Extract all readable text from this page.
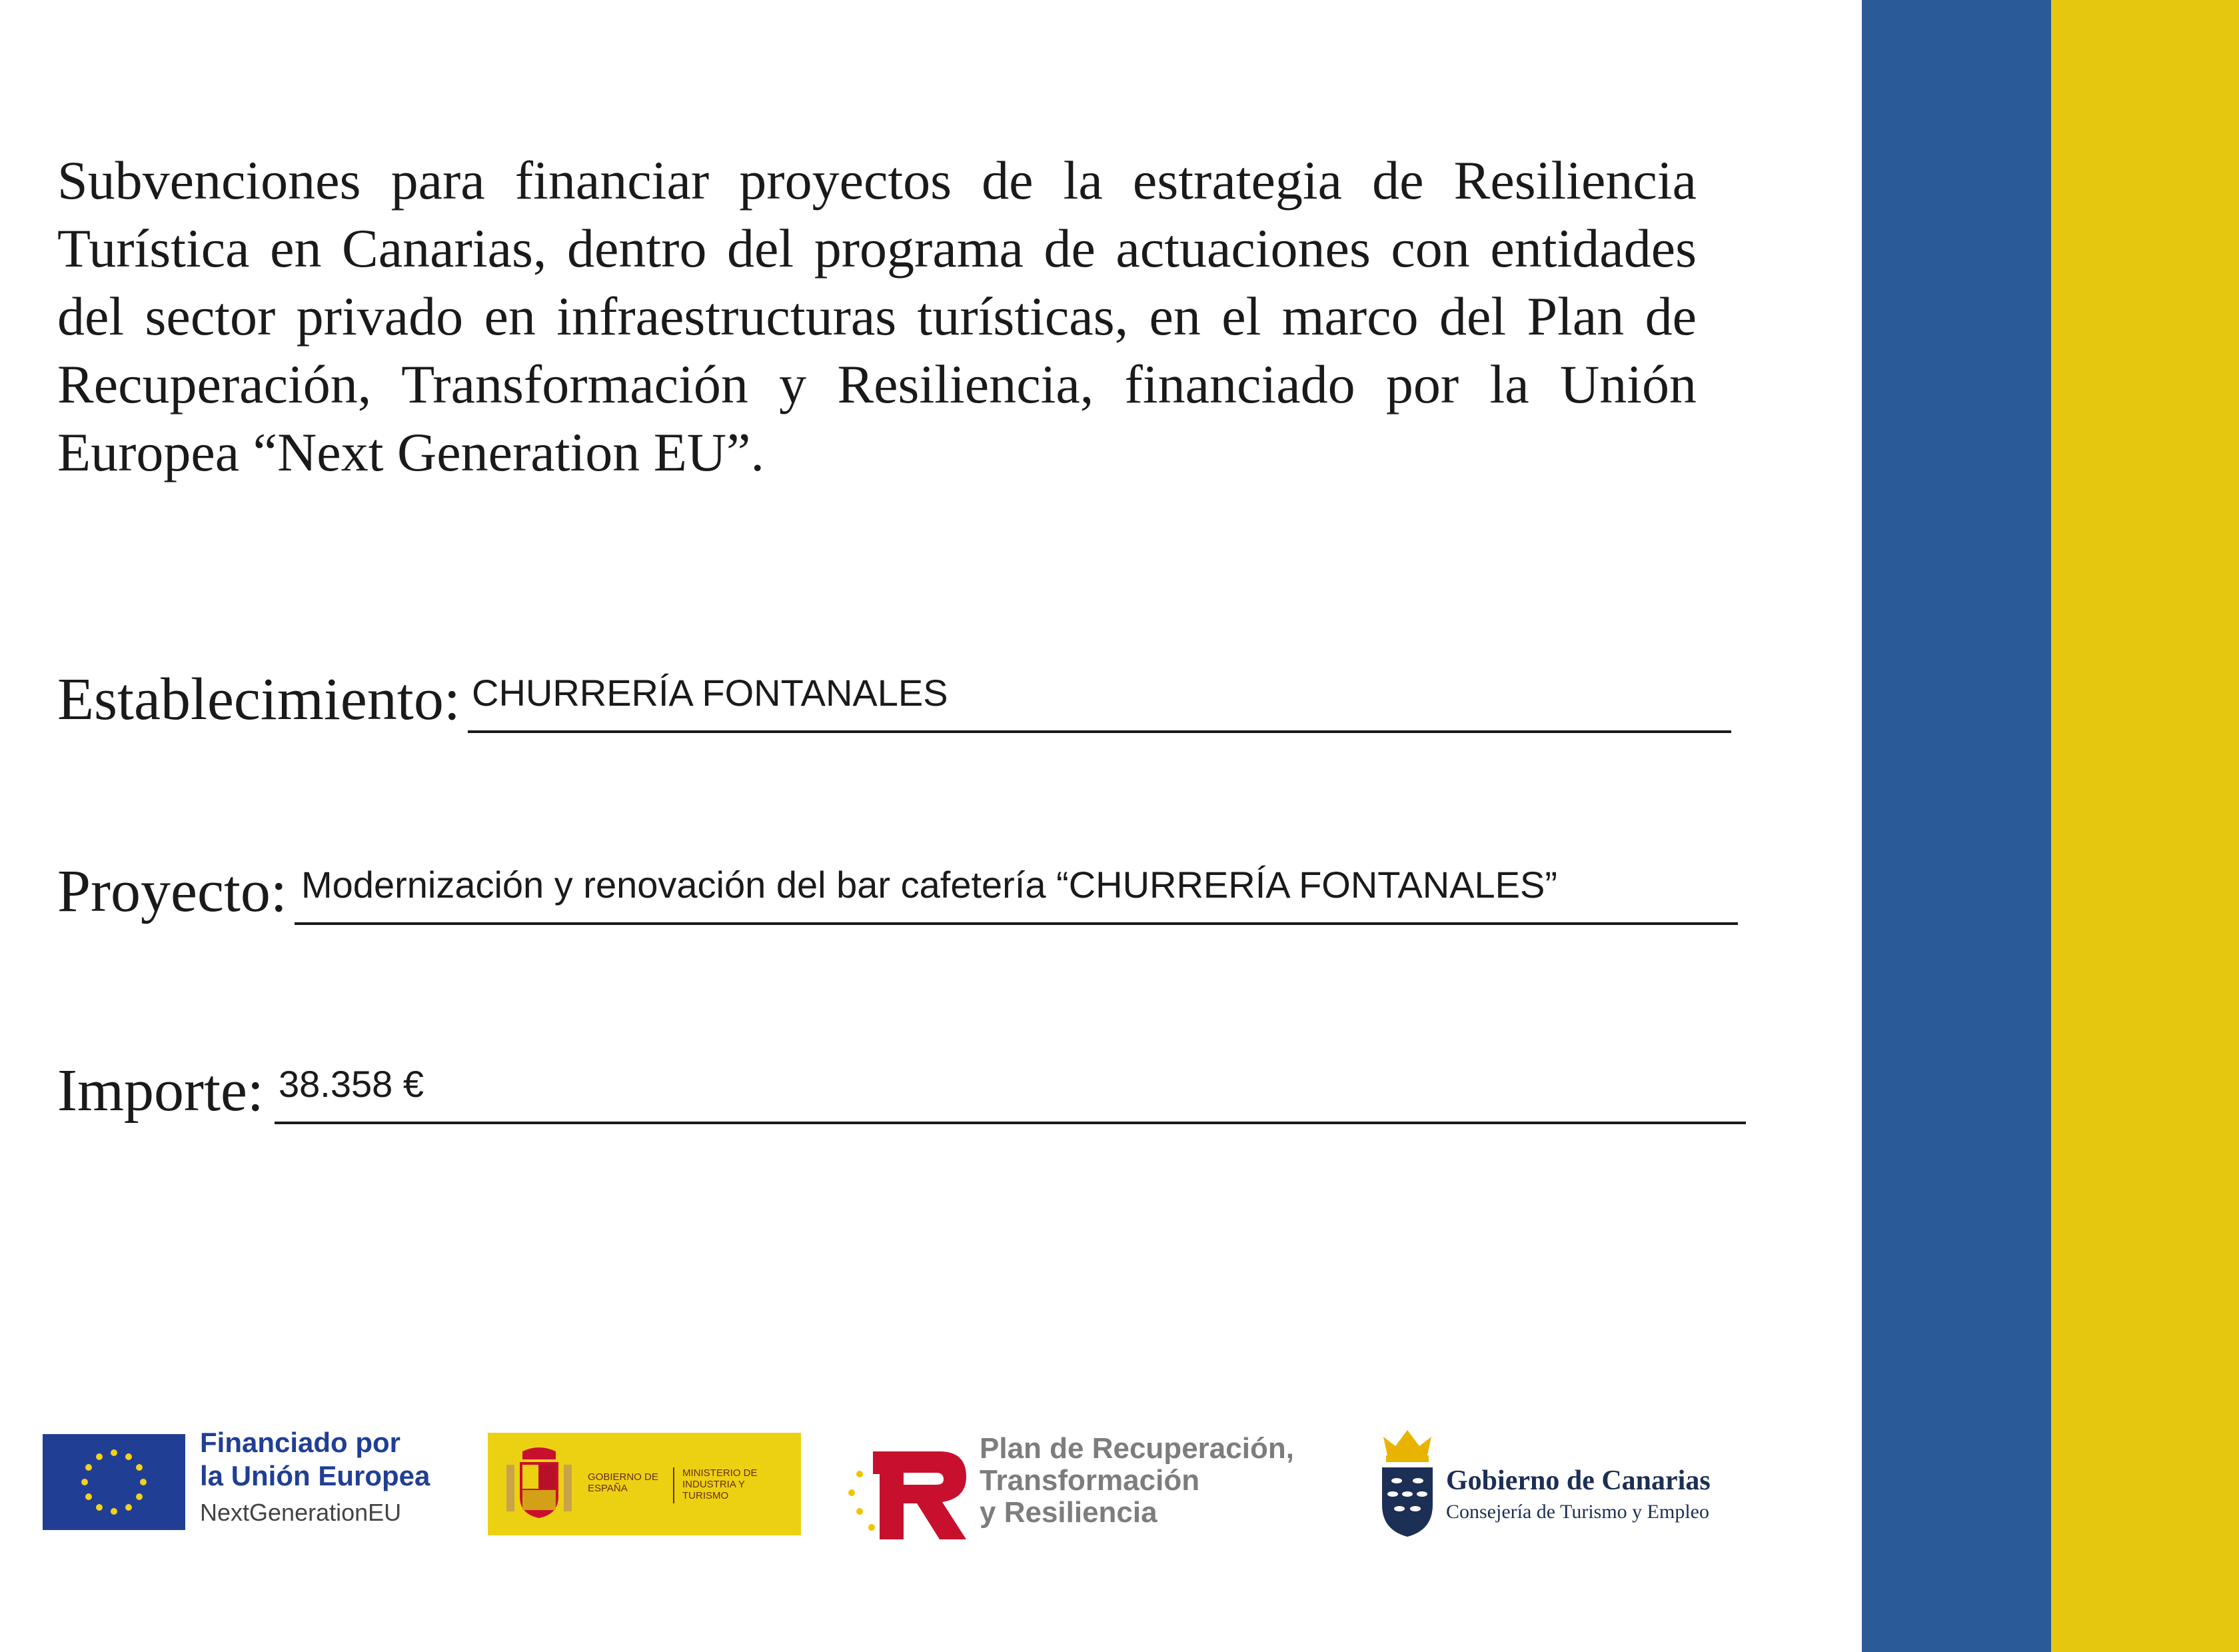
Subvenciones para financiar proyectos de la estrategia de Resiliencia Turística en Canarias, dentro del programa de actuaciones con entidades del sector privado en infraestructuras turísticas, en el marco del Plan de Recuperación, Transformación y Resiliencia, financiado por la Unión Europea “Next Generation EU”.

Establecimiento: CHURRERÍA FONTANALES
Proyecto: Modernización y renovación del bar cafetería “CHURRERÍA FONTANALES”
Importe: 38.358 €
Financiado por
la Unión Europea
NextGenerationEU
GOBIERNO DE ESPAÑA
MINISTERIO DE INDUSTRIA Y TURISMO
Plan de Recuperación,
Transformación
y Resiliencia
Gobierno de Canarias
Consejería de Turismo y Empleo
